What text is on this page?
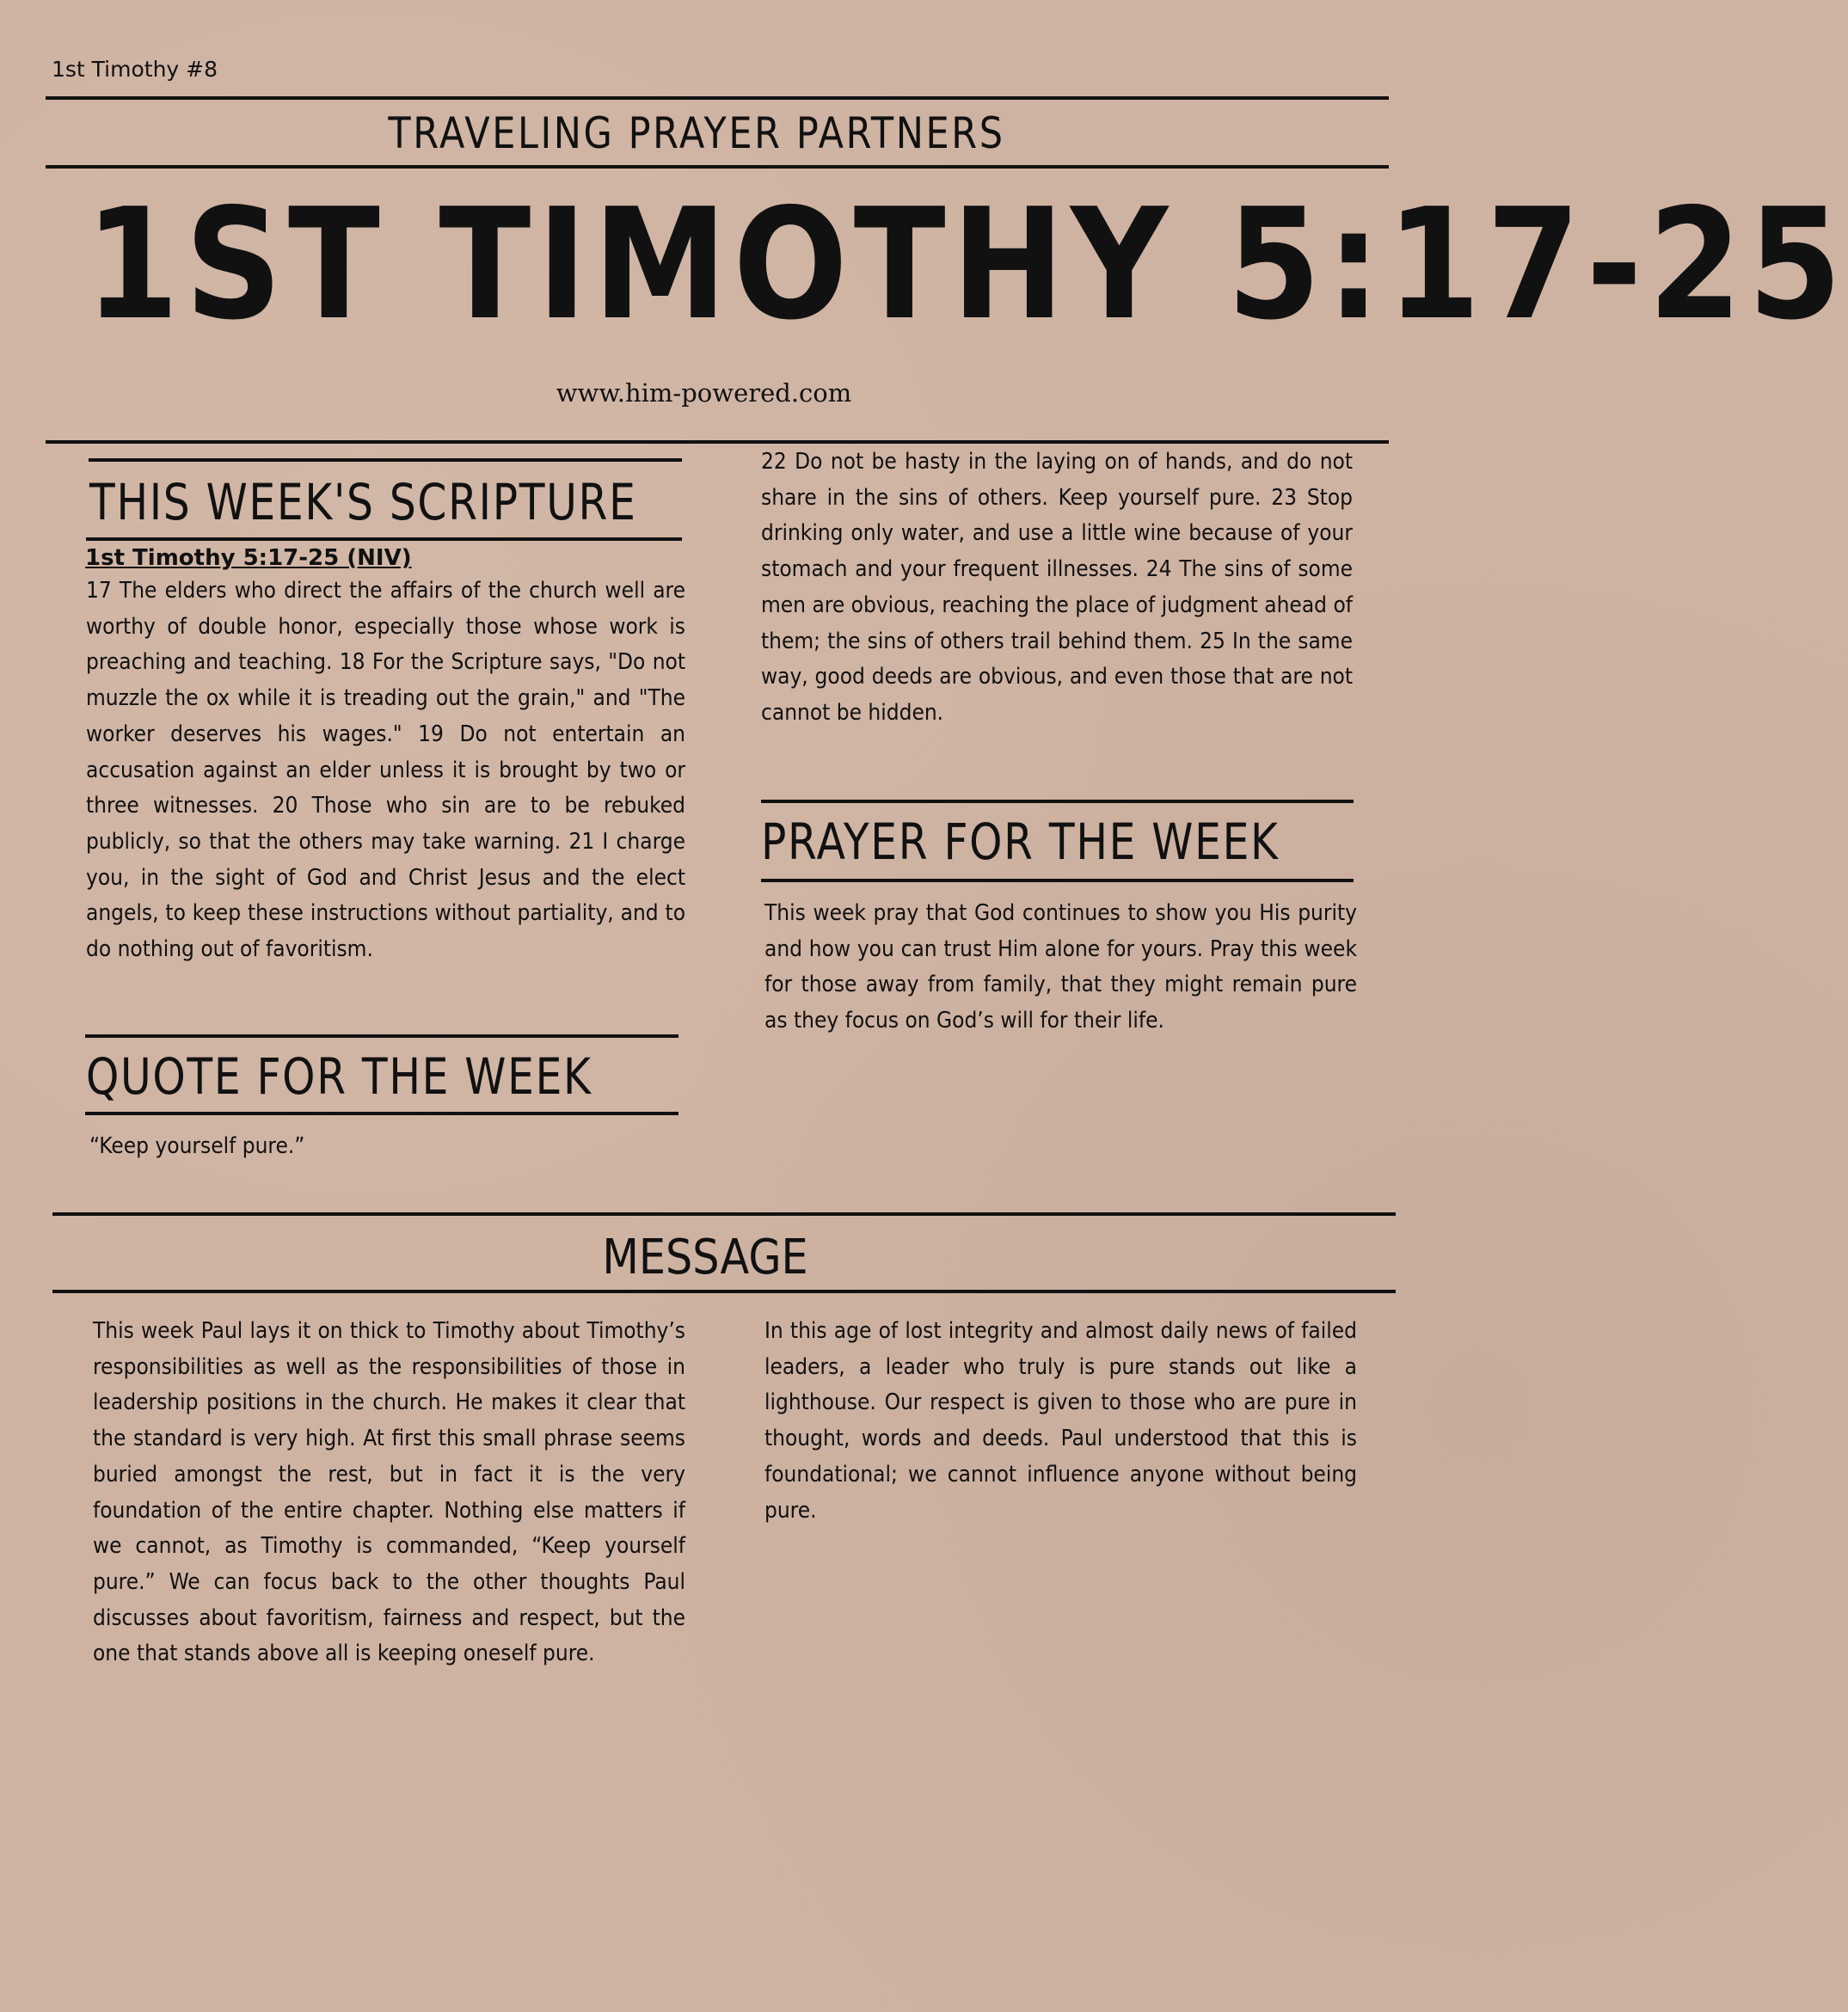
1st Timothy #8
TRAVELING PRAYER PARTNERS
1ST TIMOTHY 5:17-25
www.him-powered.com
THIS WEEK'S SCRIPTURE
1st Timothy 5:17-25 (NIV)

17 The elders who direct the affairs of the church well are worthy of double honor, especially those whose work is preaching and teaching. 18 For the Scripture says, "Do not muzzle the ox while it is treading out the grain," and "The worker deserves his wages." 19 Do not entertain an accusation against an elder unless it is brought by two or three witnesses. 20 Those who sin are to be rebuked publicly, so that the others may take warning. 21 I charge you, in the sight of God and Christ Jesus and the elect angels, to keep these instructions without partiality, and to do nothing out of favoritism.

QUOTE FOR THE WEEK

“Keep yourself pure.”

22 Do not be hasty in the laying on of hands, and do not share in the sins of others. Keep yourself pure. 23 Stop drinking only water, and use a little wine because of your stomach and your frequent illnesses. 24 The sins of some men are obvious, reaching the place of judgment ahead of them; the sins of others trail behind them. 25 In the same way, good deeds are obvious, and even those that are not cannot be hidden.

PRAYER FOR THE WEEK

This week pray that God continues to show you His purity and how you can trust Him alone for yours. Pray this week for those away from family, that they might remain pure as they focus on God’s will for their life.

MESSAGE

This week Paul lays it on thick to Timothy about Timothy’s responsibilities as well as the responsibilities of those in leadership positions in the church. He makes it clear that the standard is very high. At first this small phrase seems buried amongst the rest, but in fact it is the very foundation of the entire chapter. Nothing else matters if we cannot, as Timothy is commanded, “Keep yourself pure.” We can focus back to the other thoughts Paul discusses about favoritism, fairness and respect, but the one that stands above all is keeping oneself pure.

In this age of lost integrity and almost daily news of failed leaders, a leader who truly is pure stands out like a lighthouse. Our respect is given to those who are pure in thought, words and deeds. Paul understood that this is foundational; we cannot influence anyone without being pure.
